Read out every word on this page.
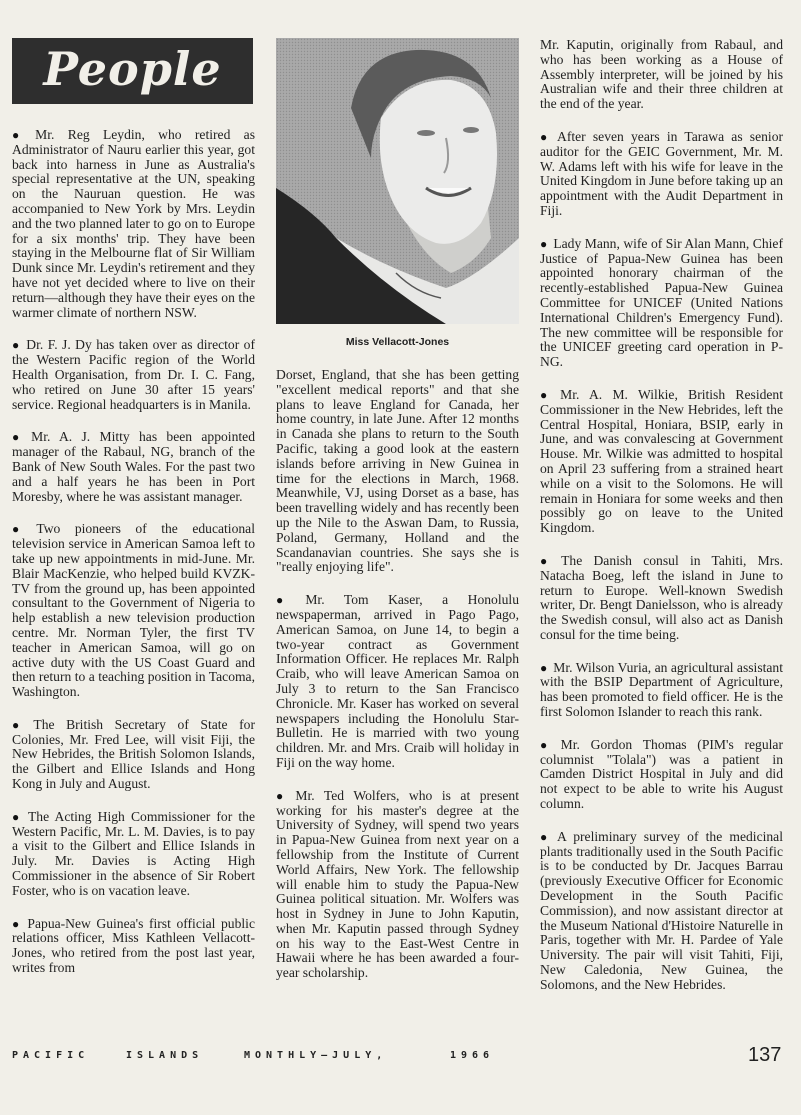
People
Miss Vellacott-Jones

● Mr. Reg Leydin, who retired as Administrator of Nauru earlier this year, got back into harness in June as Australia's special representative at the UN, speaking on the Nauruan question. He was accompanied to New York by Mrs. Leydin and the two planned later to go on to Europe for a six months' trip. They have been staying in the Melbourne flat of Sir William Dunk since Mr. Leydin's retirement and they have not yet decided where to live on their return—although they have their eyes on the warmer climate of northern NSW.

● Dr. F. J. Dy has taken over as director of the Western Pacific region of the World Health Organisation, from Dr. I. C. Fang, who retired on June 30 after 15 years' service. Regional headquarters is in Manila.

● Mr. A. J. Mitty has been appointed manager of the Rabaul, NG, branch of the Bank of New South Wales. For the past two and a half years he has been in Port Moresby, where he was assistant manager.

● Two pioneers of the educational television service in American Samoa left to take up new appointments in mid-June. Mr. Blair MacKenzie, who helped build KVZK-TV from the ground up, has been appointed consultant to the Government of Nigeria to help establish a new television production centre. Mr. Norman Tyler, the first TV teacher in American Samoa, will go on active duty with the US Coast Guard and then return to a teaching position in Tacoma, Washington.

● The British Secretary of State for Colonies, Mr. Fred Lee, will visit Fiji, the New Hebrides, the British Solomon Islands, the Gilbert and Ellice Islands and Hong Kong in July and August.

● The Acting High Commissioner for the Western Pacific, Mr. L. M. Davies, is to pay a visit to the Gilbert and Ellice Islands in July. Mr. Davies is Acting High Commissioner in the absence of Sir Robert Foster, who is on vacation leave.

● Papua-New Guinea's first official public relations officer, Miss Kathleen Vellacott-Jones, who retired from the post last year, writes from

Dorset, England, that she has been getting "excellent medical reports" and that she plans to leave England for Canada, her home country, in late June. After 12 months in Canada she plans to return to the South Pacific, taking a good look at the eastern islands before arriving in New Guinea in time for the elections in March, 1968. Meanwhile, VJ, using Dorset as a base, has been travelling widely and has recently been up the Nile to the Aswan Dam, to Russia, Poland, Germany, Holland and the Scandanavian countries. She says she is "really enjoying life".

● Mr. Tom Kaser, a Honolulu newspaperman, arrived in Pago Pago, American Samoa, on June 14, to begin a two-year contract as Government Information Officer. He replaces Mr. Ralph Craib, who will leave American Samoa on July 3 to return to the San Francisco Chronicle. Mr. Kaser has worked on several newspapers including the Honolulu Star-Bulletin. He is married with two young children. Mr. and Mrs. Craib will holiday in Fiji on the way home.

● Mr. Ted Wolfers, who is at present working for his master's degree at the University of Sydney, will spend two years in Papua-New Guinea from next year on a fellowship from the Institute of Current World Affairs, New York. The fellowship will enable him to study the Papua-New Guinea political situation. Mr. Wolfers was host in Sydney in June to John Kaputin, when Mr. Kaputin passed through Sydney on his way to the East-West Centre in Hawaii where he has been awarded a four-year scholarship.

Mr. Kaputin, originally from Rabaul, and who has been working as a House of Assembly interpreter, will be joined by his Australian wife and their three children at the end of the year.

● After seven years in Tarawa as senior auditor for the GEIC Government, Mr. M. W. Adams left with his wife for leave in the United Kingdom in June before taking up an appointment with the Audit Department in Fiji.

● Lady Mann, wife of Sir Alan Mann, Chief Justice of Papua-New Guinea has been appointed honorary chairman of the recently-established Papua-New Guinea Committee for UNICEF (United Nations International Children's Emergency Fund). The new committee will be responsible for the UNICEF greeting card operation in P-NG.

● Mr. A. M. Wilkie, British Resident Commissioner in the New Hebrides, left the Central Hospital, Honiara, BSIP, early in June, and was convalescing at Government House. Mr. Wilkie was admitted to hospital on April 23 suffering from a strained heart while on a visit to the Solomons. He will remain in Honiara for some weeks and then possibly go on leave to the United Kingdom.

● The Danish consul in Tahiti, Mrs. Natacha Boeg, left the island in June to return to Europe. Well-known Swedish writer, Dr. Bengt Danielsson, who is already the Swedish consul, will also act as Danish consul for the time being.

● Mr. Wilson Vuria, an agricultural assistant with the BSIP Department of Agriculture, has been promoted to field officer. He is the first Solomon Islander to reach this rank.

● Mr. Gordon Thomas (PIM's regular columnist "Tolala") was a patient in Camden District Hospital in July and did not expect to be able to write his August column.

● A preliminary survey of the medicinal plants traditionally used in the South Pacific is to be conducted by Dr. Jacques Barrau (previously Executive Officer for Economic Development in the South Pacific Commission), and now assistant director at the Museum National d'Histoire Naturelle in Paris, together with Mr. H. Pardee of Yale University. The pair will visit Tahiti, Fiji, New Caledonia, New Guinea, the Solomons, and the New Hebrides.

PACIFIC	ISLANDS	MONTHLY—JULY,	1966	137
